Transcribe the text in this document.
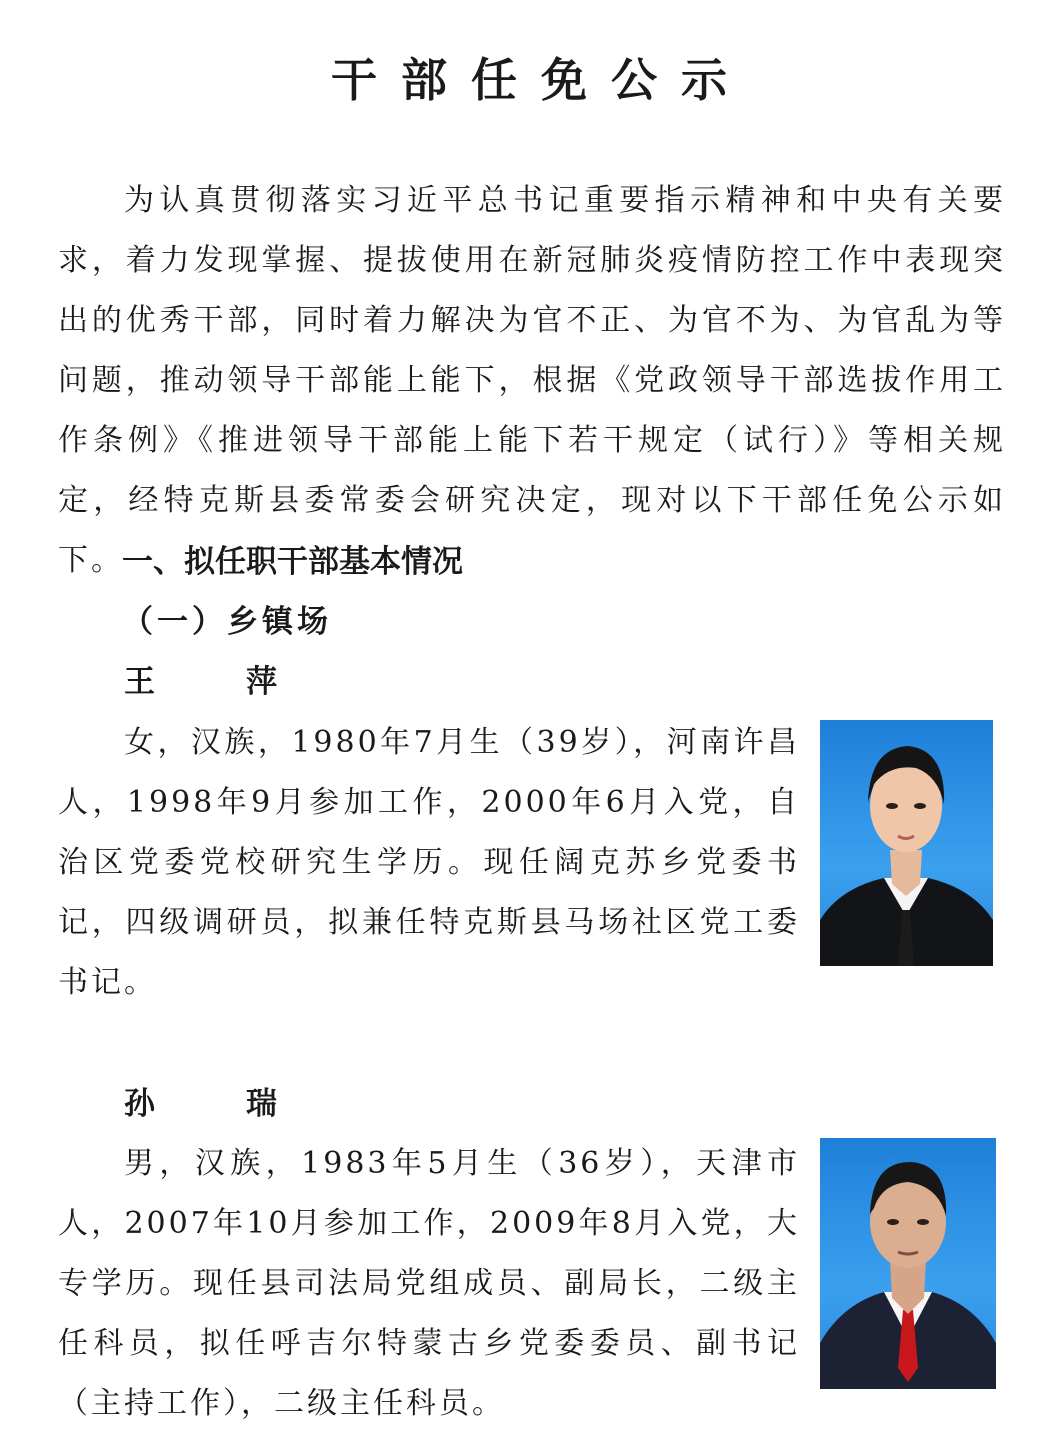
干部任免公示
为认真贯彻落实习近平总书记重要指示精神和中央有关要求，着力发现掌握、提拔使用在新冠肺炎疫情防控工作中表现突出的优秀干部，同时着力解决为官不正、为官不为、为官乱为等问题，推动领导干部能上能下，根据《党政领导干部选拔作用工作条例》《推进领导干部能上能下若干规定（试行）》等相关规定，经特克斯县委常委会研究决定，现对以下干部任免公示如下。
一、拟任职干部基本情况
（一）乡镇场
王　萍
女，汉族，1980年7月生（39岁），河南许昌人，1998年9月参加工作，2000年6月入党，自治区党委党校研究生学历。现任阔克苏乡党委书记，四级调研员，拟兼任特克斯县马场社区党工委书记。
孙　瑞
男，汉族，1983年5月生（36岁），天津市人，2007年10月参加工作，2009年8月入党，大专学历。现任县司法局党组成员、副局长，二级主任科员，拟任呼吉尔特蒙古乡党委委员、副书记（主持工作），二级主任科员。
